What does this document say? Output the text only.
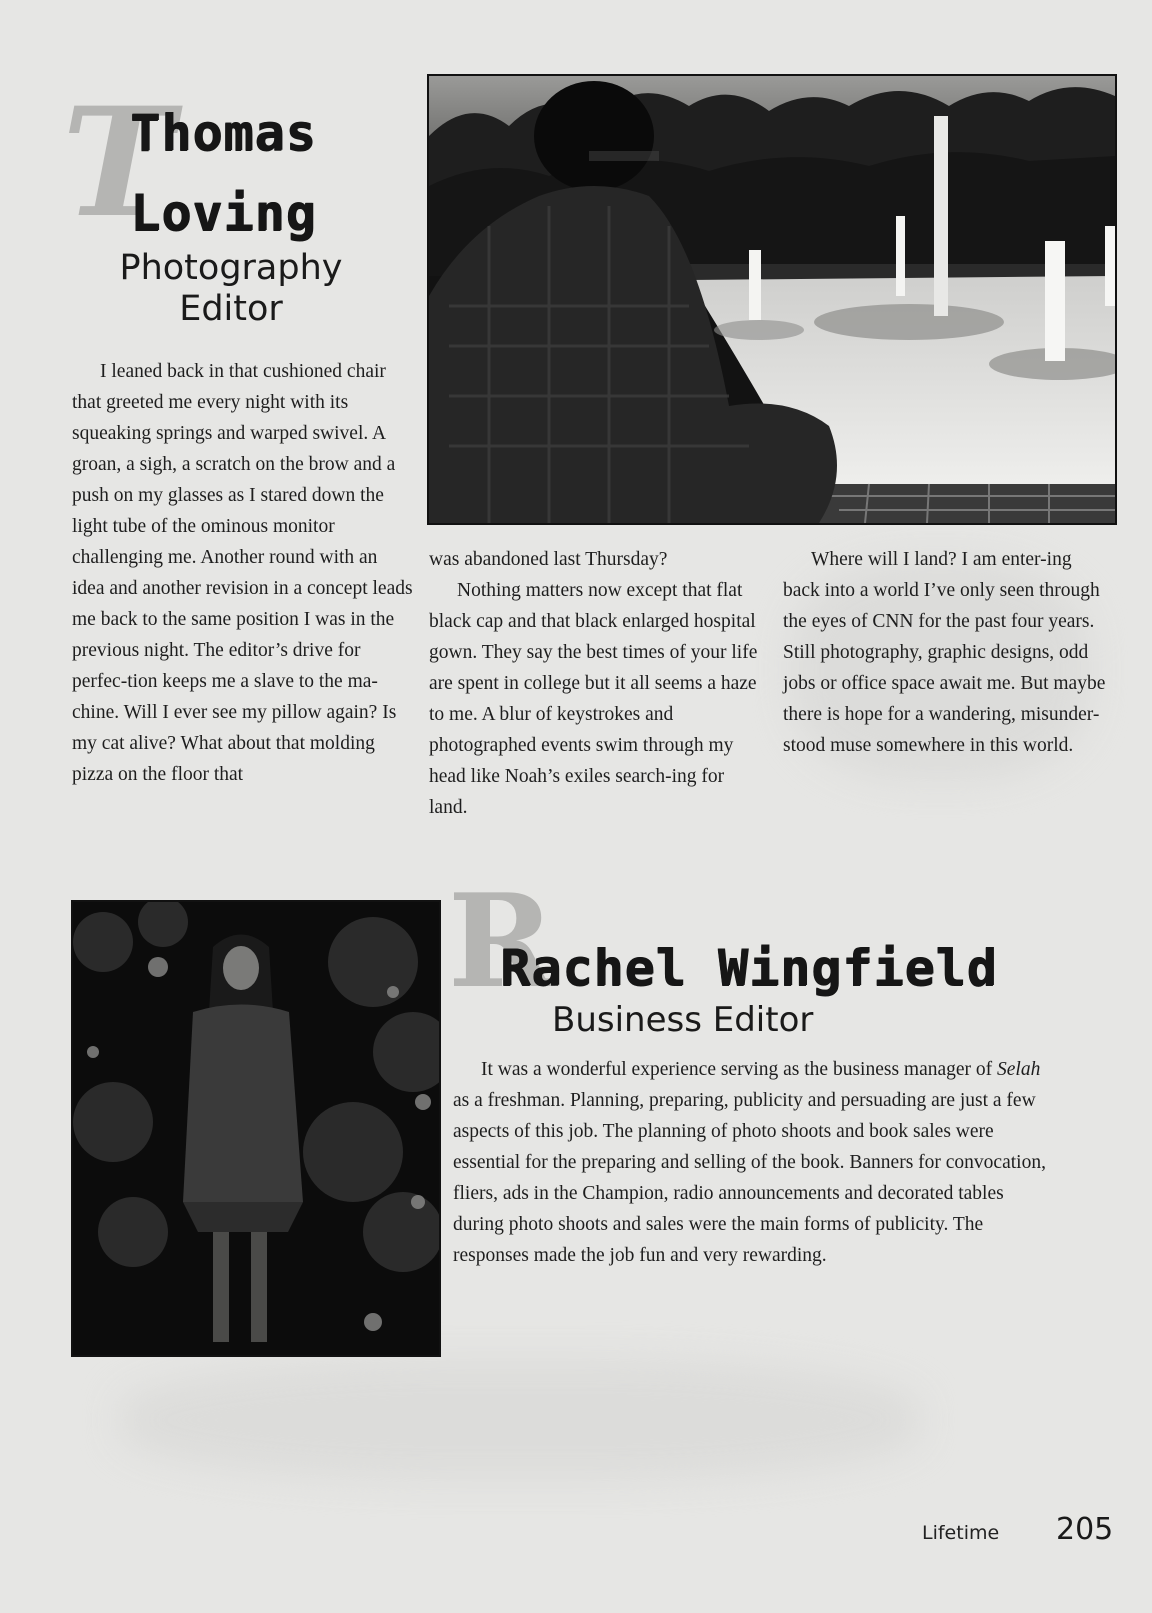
T
Thomas
Loving
Photography
Editor

I leaned back in that cushioned chair that greeted me every night with its squeaking springs and warped swivel. A groan, a sigh, a scratch on the brow and a push on my glasses as I stared down the light tube of the ominous monitor challenging me. Another round with an idea and another revision in a concept leads me back to the same position I was in the previous night. The editor’s drive for perfec-tion keeps me a slave to the ma-chine. Will I ever see my pillow again? Is my cat alive? What about that molding pizza on the floor that

was abandoned last Thursday?

Nothing matters now except that flat black cap and that black enlarged hospital gown. They say the best times of your life are spent in college but it all seems a haze to me. A blur of keystrokes and photographed events swim through my head like Noah’s exiles search-ing for land.

Where will I land? I am enter-ing back into a world I’ve only seen through the eyes of CNN for the past four years. Still photography, graphic designs, odd jobs or office space await me. But maybe there is hope for a wandering, misunder-stood muse somewhere in this world.

R
Rachel Wingfield
Business Editor

It was a wonderful experience serving as the business manager of Selah as a freshman. Planning, preparing, publicity and persuading are just a few aspects of this job. The planning of photo shoots and book sales were essential for the preparing and selling of the book. Banners for convocation, fliers, ads in the Champion, radio announcements and decorated tables during photo shoots and sales were the main forms of publicity. The responses made the job fun and very rewarding.

Lifetime 205
